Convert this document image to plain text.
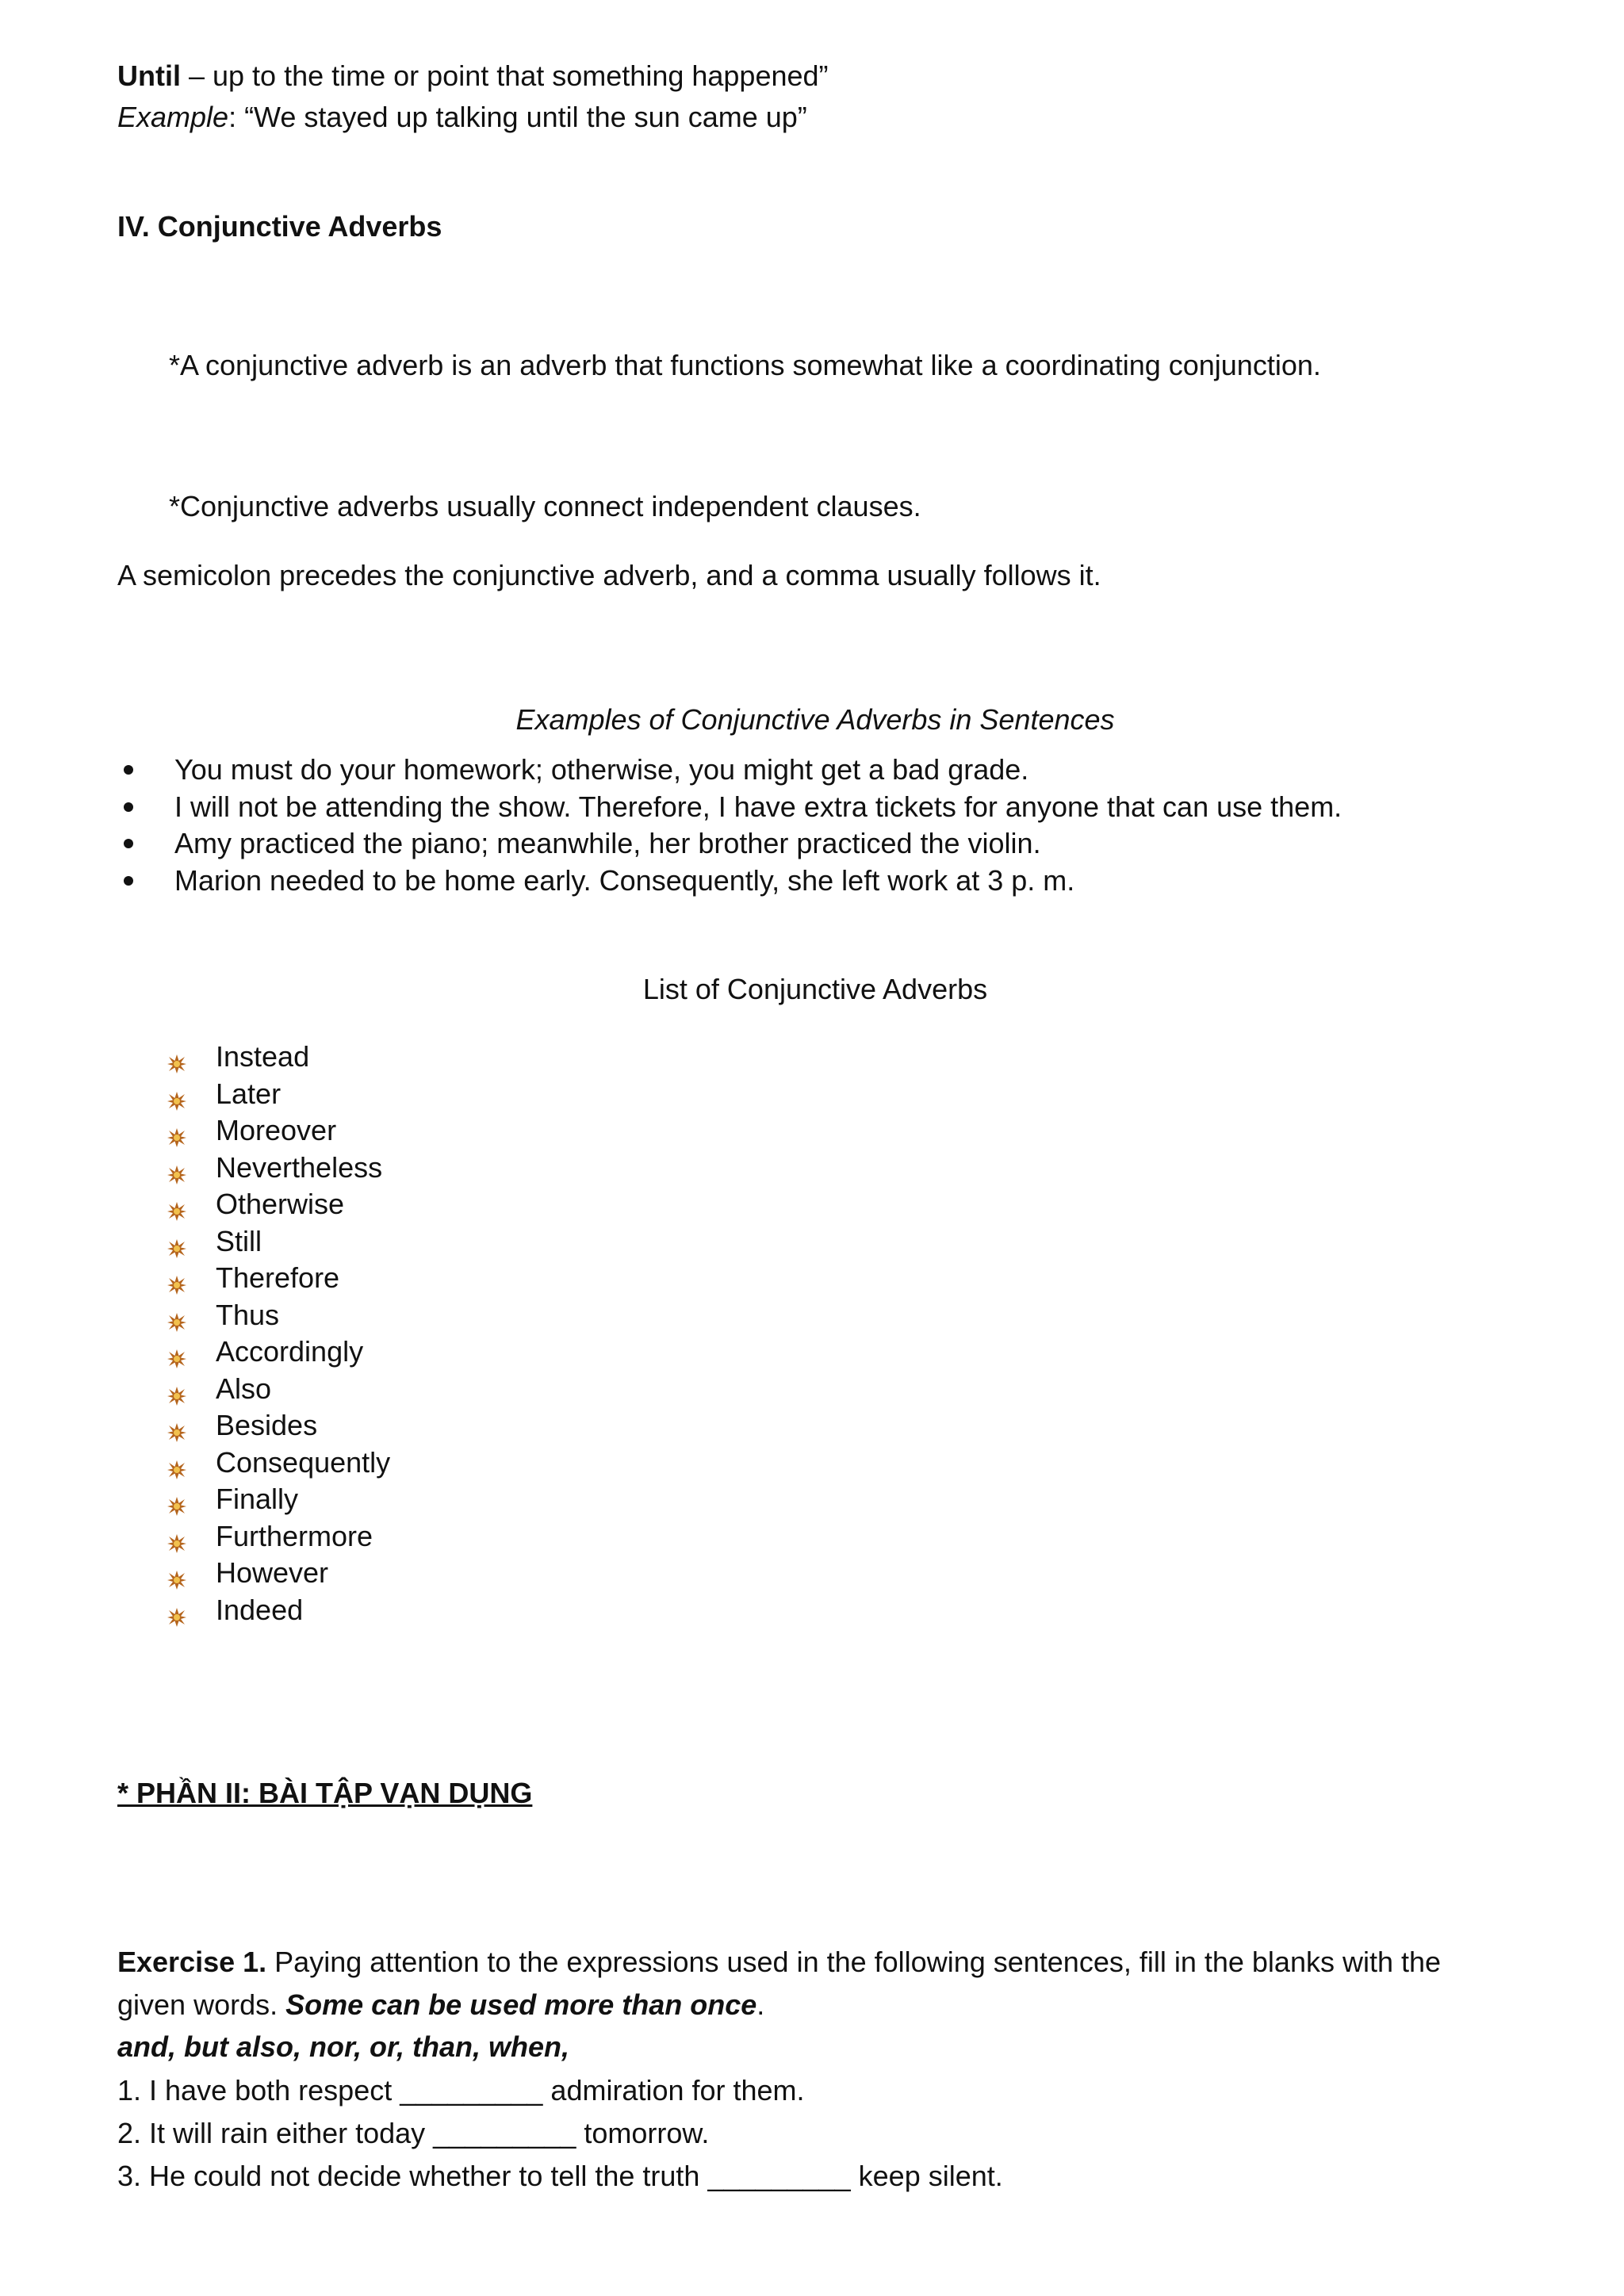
Until – up to the time or point that something happened”

Example: “We stayed up talking until the sun came up”

IV. Conjunctive Adverbs

*A conjunctive adverb is an adverb that functions somewhat like a coordinating conjunction.

*Conjunctive adverbs usually connect independent clauses.

A semicolon precedes the conjunctive adverb, and a comma usually follows it.

Examples of Conjunctive Adverbs in Sentences

You must do your homework; otherwise, you might get a bad grade.
I will not be attending the show. Therefore, I have extra tickets for anyone that can use them.
Amy practiced the piano; meanwhile, her brother practiced the violin.
Marion needed to be home early. Consequently, she left work at 3 p. m.

List of Conjunctive Adverbs

Instead
Later
Moreover
Nevertheless
Otherwise
Still
Therefore
Thus
Accordingly
Also
Besides
Consequently
Finally
Furthermore
However
Indeed

* PHẦN II: BÀI TẬP VẠN DỤNG

Exercise 1. Paying attention to the expressions used in the following sentences, fill in the blanks with the given words. Some can be used more than once.

and, but also, nor, or, than, when,

1. I have both respect _________ admiration for them.

2. It will rain either today _________ tomorrow.

3. He could not decide whether to tell the truth _________ keep silent.
